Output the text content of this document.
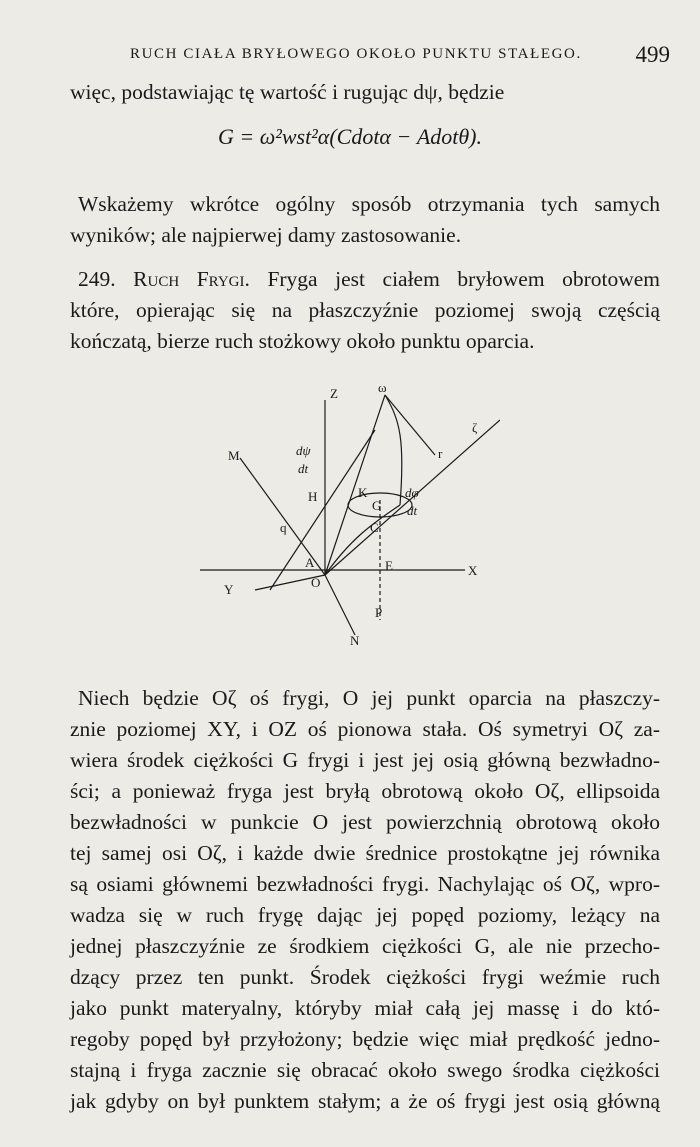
RUCH CIAŁA BRYŁOWEGO OKOŁO PUNKTU STAŁEGO. 499
więc, podstawiając tę wartość i rugując dψ, będzie
G = ω²wst²α(Cdotα − Adotθ).
Wskażemy wkrótce ogólny sposób otrzymania tych samych
wyników; ale najpierwej damy zastosowanie.
249. Ruch Frygi. Fryga jest ciałem bryłowem obrotowem
które, opierając się na płaszczyźnie poziomej swoją częścią
kończatą, bierze ruch stożkowy około punktu oparcia.
Z	ω
ζ
M	r
dψ
dt
H	K
G
dφ
dt
q	C
A	E
Y	O
X
P
N
Niech będzie Oζ oś frygi, O jej punkt oparcia na płaszczy-
znie poziomej XY, i OZ oś pionowa stała. Oś symetryi Oζ za-
wiera środek ciężkości G frygi i jest jej osią główną bezwładno-
ści; a ponieważ fryga jest bryłą obrotową około Oζ, ellipsoida
bezwładności w punkcie O jest powierzchnią obrotową około
tej samej osi Oζ, i każde dwie średnice prostokątne jej równika
są osiami głównemi bezwładności frygi. Nachylając oś Oζ, wpro-
wadza się w ruch frygę dając jej popęd poziomy, leżący na
jednej płaszczyźnie ze środkiem ciężkości G, ale nie przecho-
dzący przez ten punkt. Środek ciężkości frygi weźmie ruch
jako punkt materyalny, któryby miał całą jej massę i do któ-
regoby popęd był przyłożony; będzie więc miał prędkość jedno-
stajną i fryga zacznie się obracać około swego środka ciężkości
jak gdyby on był punktem stałym; a że oś frygi jest osią główną
